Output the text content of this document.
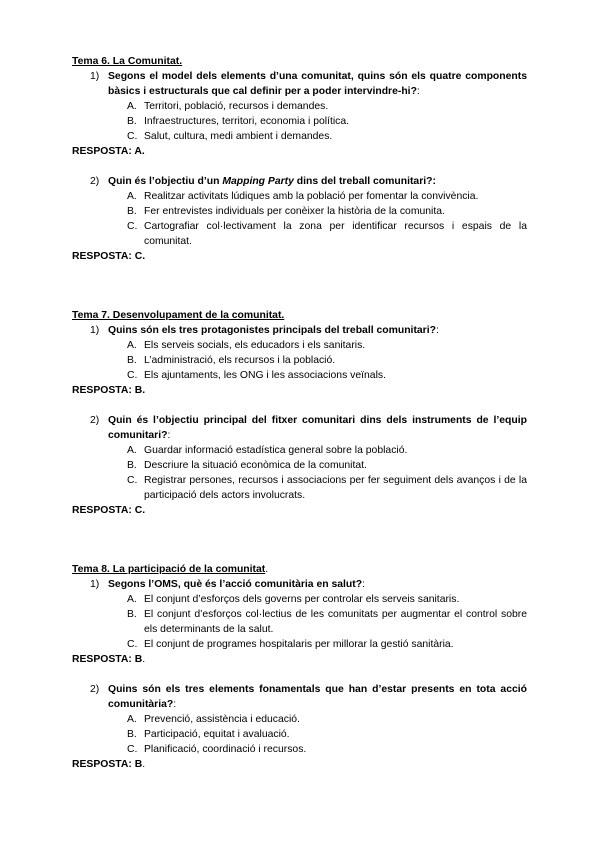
Tema 6. La Comunitat.

1) Segons el model dels elements d’una comunitat, quins són els quatre components bàsics i estructurals que cal definir per a poder intervindre-hi?:
A. Territori, població, recursos i demandes.
B. Infraestructures, territori, economia i política.
C. Salut, cultura, medi ambient i demandes.

RESPOSTA: A.

2) Quin és l’objectiu d’un Mapping Party dins del treball comunitari?:
A. Realitzar activitats lúdiques amb la població per fomentar la convivència.
B. Fer entrevistes individuals per conèixer la història de la comunita.
C. Cartografiar col·lectivament la zona per identificar recursos i espais de la comunitat.

RESPOSTA: C.

Tema 7. Desenvolupament de la comunitat.

1) Quins són els tres protagonistes principals del treball comunitari?:
A. Els serveis socials, els educadors i els sanitaris.
B. L’administració, els recursos i la població.
C. Els ajuntaments, les ONG i les associacions veïnals.

RESPOSTA: B.

2) Quin és l’objectiu principal del fitxer comunitari dins dels instruments de l’equip comunitari?:
A. Guardar informació estadística general sobre la població.
B. Descriure la situació econòmica de la comunitat.
C. Registrar persones, recursos i associacions per fer seguiment dels avanços i de la participació dels actors involucrats.

RESPOSTA: C.

Tema 8. La participació de la comunitat.

1) Segons l’OMS, què és l’acció comunitària en salut?:
A. El conjunt d’esforços dels governs per controlar els serveis sanitaris.
B. El conjunt d’esforços col·lectius de les comunitats per augmentar el control sobre els determinants de la salut.
C. El conjunt de programes hospitalaris per millorar la gestió sanitària.

RESPOSTA: B.

2) Quins són els tres elements fonamentals que han d’estar presents en tota acció comunitària?:
A. Prevenció, assistència i educació.
B. Participació, equitat i avaluació.
C. Planificació, coordinació i recursos.

RESPOSTA: B.
